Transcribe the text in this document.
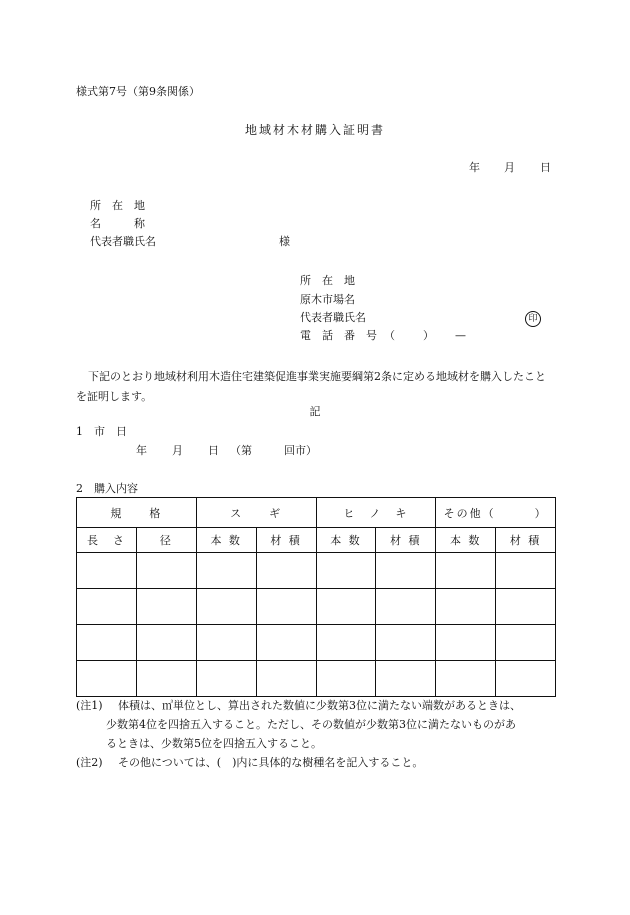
様式第7号（第9条関係）
地域材木材購入証明書
年 月 日
所　在　地
名　　　称
代表者職氏名	様
所　在　地
原木市場名
代表者職氏名	印
電　話　番　号 （	） —
下記のとおり地域材利用木造住宅建築促進事業実施要綱第2条に定める地域材を購入したことを証明します。
記
1　市　日
年 月 日 （第	回市）
2　購入内容
規　　格		ス　　ギ		ヒ　ノ　キ		その他（　　　）	
長　さ	径	本 数	材 積	本 数	材 積	本 数	材 積

(注1) 体積は、㎥単位とし、算出された数値に少数第3位に満たない端数があるときは、
少数第4位を四捨五入すること。ただし、その数値が少数第3位に満たないものがあ
るときは、少数第5位を四捨五入すること。
(注2) その他については、(　)内に具体的な樹種名を記入すること。
